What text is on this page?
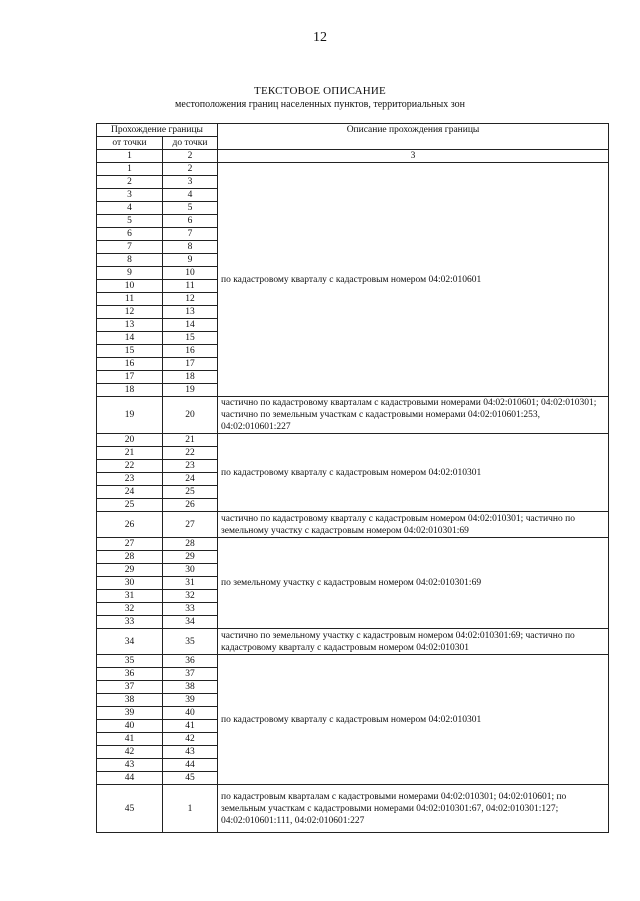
12
ТЕКСТОВОЕ ОПИСАНИЕ
местоположения границ населенных пунктов, территориальных зон
Прохождение границы		Описание прохождения границы
от точки	до точки	
1	2	3
1	2	по кадастровому кварталу с кадастровым номером 04:02:010601
2	3	
3	4	
4	5	
5	6	
6	7	
7	8	
8	9	
9	10	
10	11	
11	12	
12	13	
13	14	
14	15	
15	16	
16	17	
17	18	
18	19	
19	20	частично по кадастровому кварталам с кадастровыми номерами 04:02:010601; 04:02:010301; частично по земельным участкам с кадастровыми номерами 04:02:010601:253, 04:02:010601:227
20	21	по кадастровому кварталу с кадастровым номером 04:02:010301
21	22	
22	23	
23	24	
24	25	
25	26	
26	27	частично по кадастровому кварталу с кадастровым номером 04:02:010301; частично по земельному участку с кадастровым номером 04:02:010301:69
27	28	по земельному участку с кадастровым номером 04:02:010301:69
28	29	
29	30	
30	31	
31	32	
32	33	
33	34	
34	35	частично по земельному участку с кадастровым номером 04:02:010301:69; частично по кадастровому кварталу с кадастровым номером 04:02:010301
35	36	по кадастровому кварталу с кадастровым номером 04:02:010301
36	37	
37	38	
38	39	
39	40	
40	41	
41	42	
42	43	
43	44	
44	45	
45	1	по кадастровым кварталам с кадастровыми номерами 04:02:010301; 04:02:010601; по земельным участкам с кадастровыми номерами 04:02:010301:67, 04:02:010301:127; 04:02:010601:111, 04:02:010601:227
